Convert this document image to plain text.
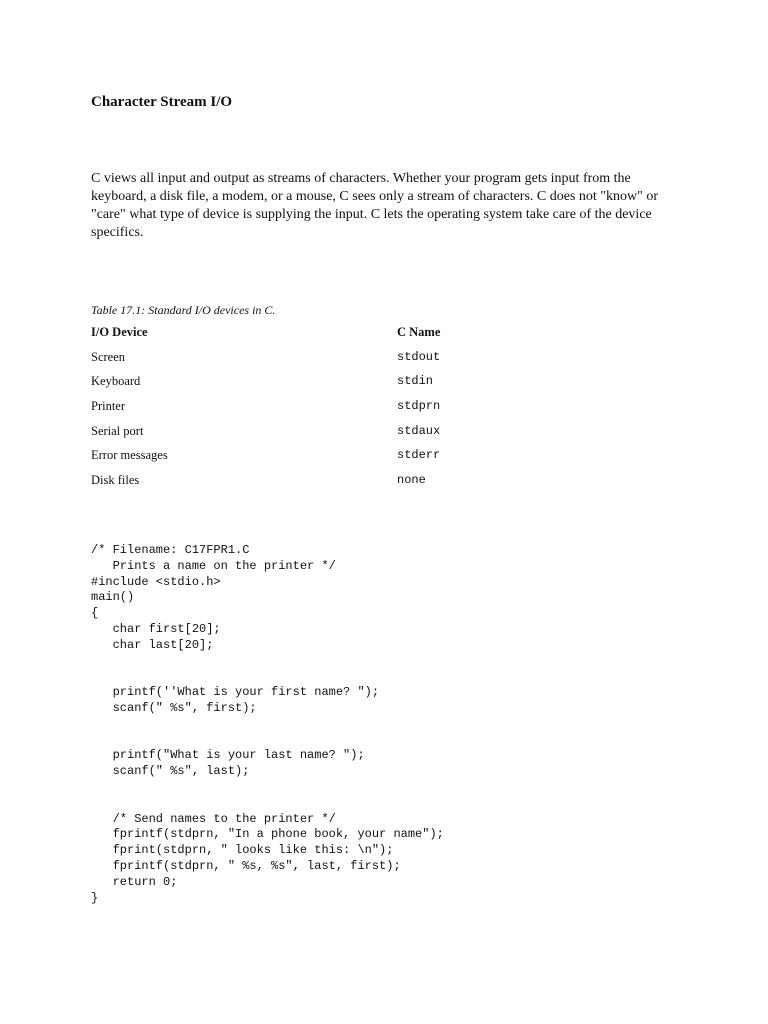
Character Stream I/O

C views all input and output as streams of characters. Whether your program gets input from the keyboard, a disk file, a modem, or a mouse, C sees only a stream of characters. C does not "know" or "care" what type of device is supplying the input. C lets the operating system take care of the device specifics.

Table 17.1: Standard I/O devices in C.

I/O Device	C Name
Screen	stdout
Keyboard	stdin
Printer	stdprn
Serial port	stdaux
Error messages	stderr
Disk files	none
/* Filename: C17FPR1.C
Prints a name on the printer */
#include <stdio.h>
main()
{
char first[20];
char last[20];

printf(''What is your first name? ");
scanf(" %s", first);

printf("What is your last name? ");
scanf(" %s", last);

/* Send names to the printer */
fprintf(stdprn, "In a phone book, your name");
fprint(stdprn, " looks like this: \n");
fprintf(stdprn, " %s, %s", last, first);
return 0;
}
